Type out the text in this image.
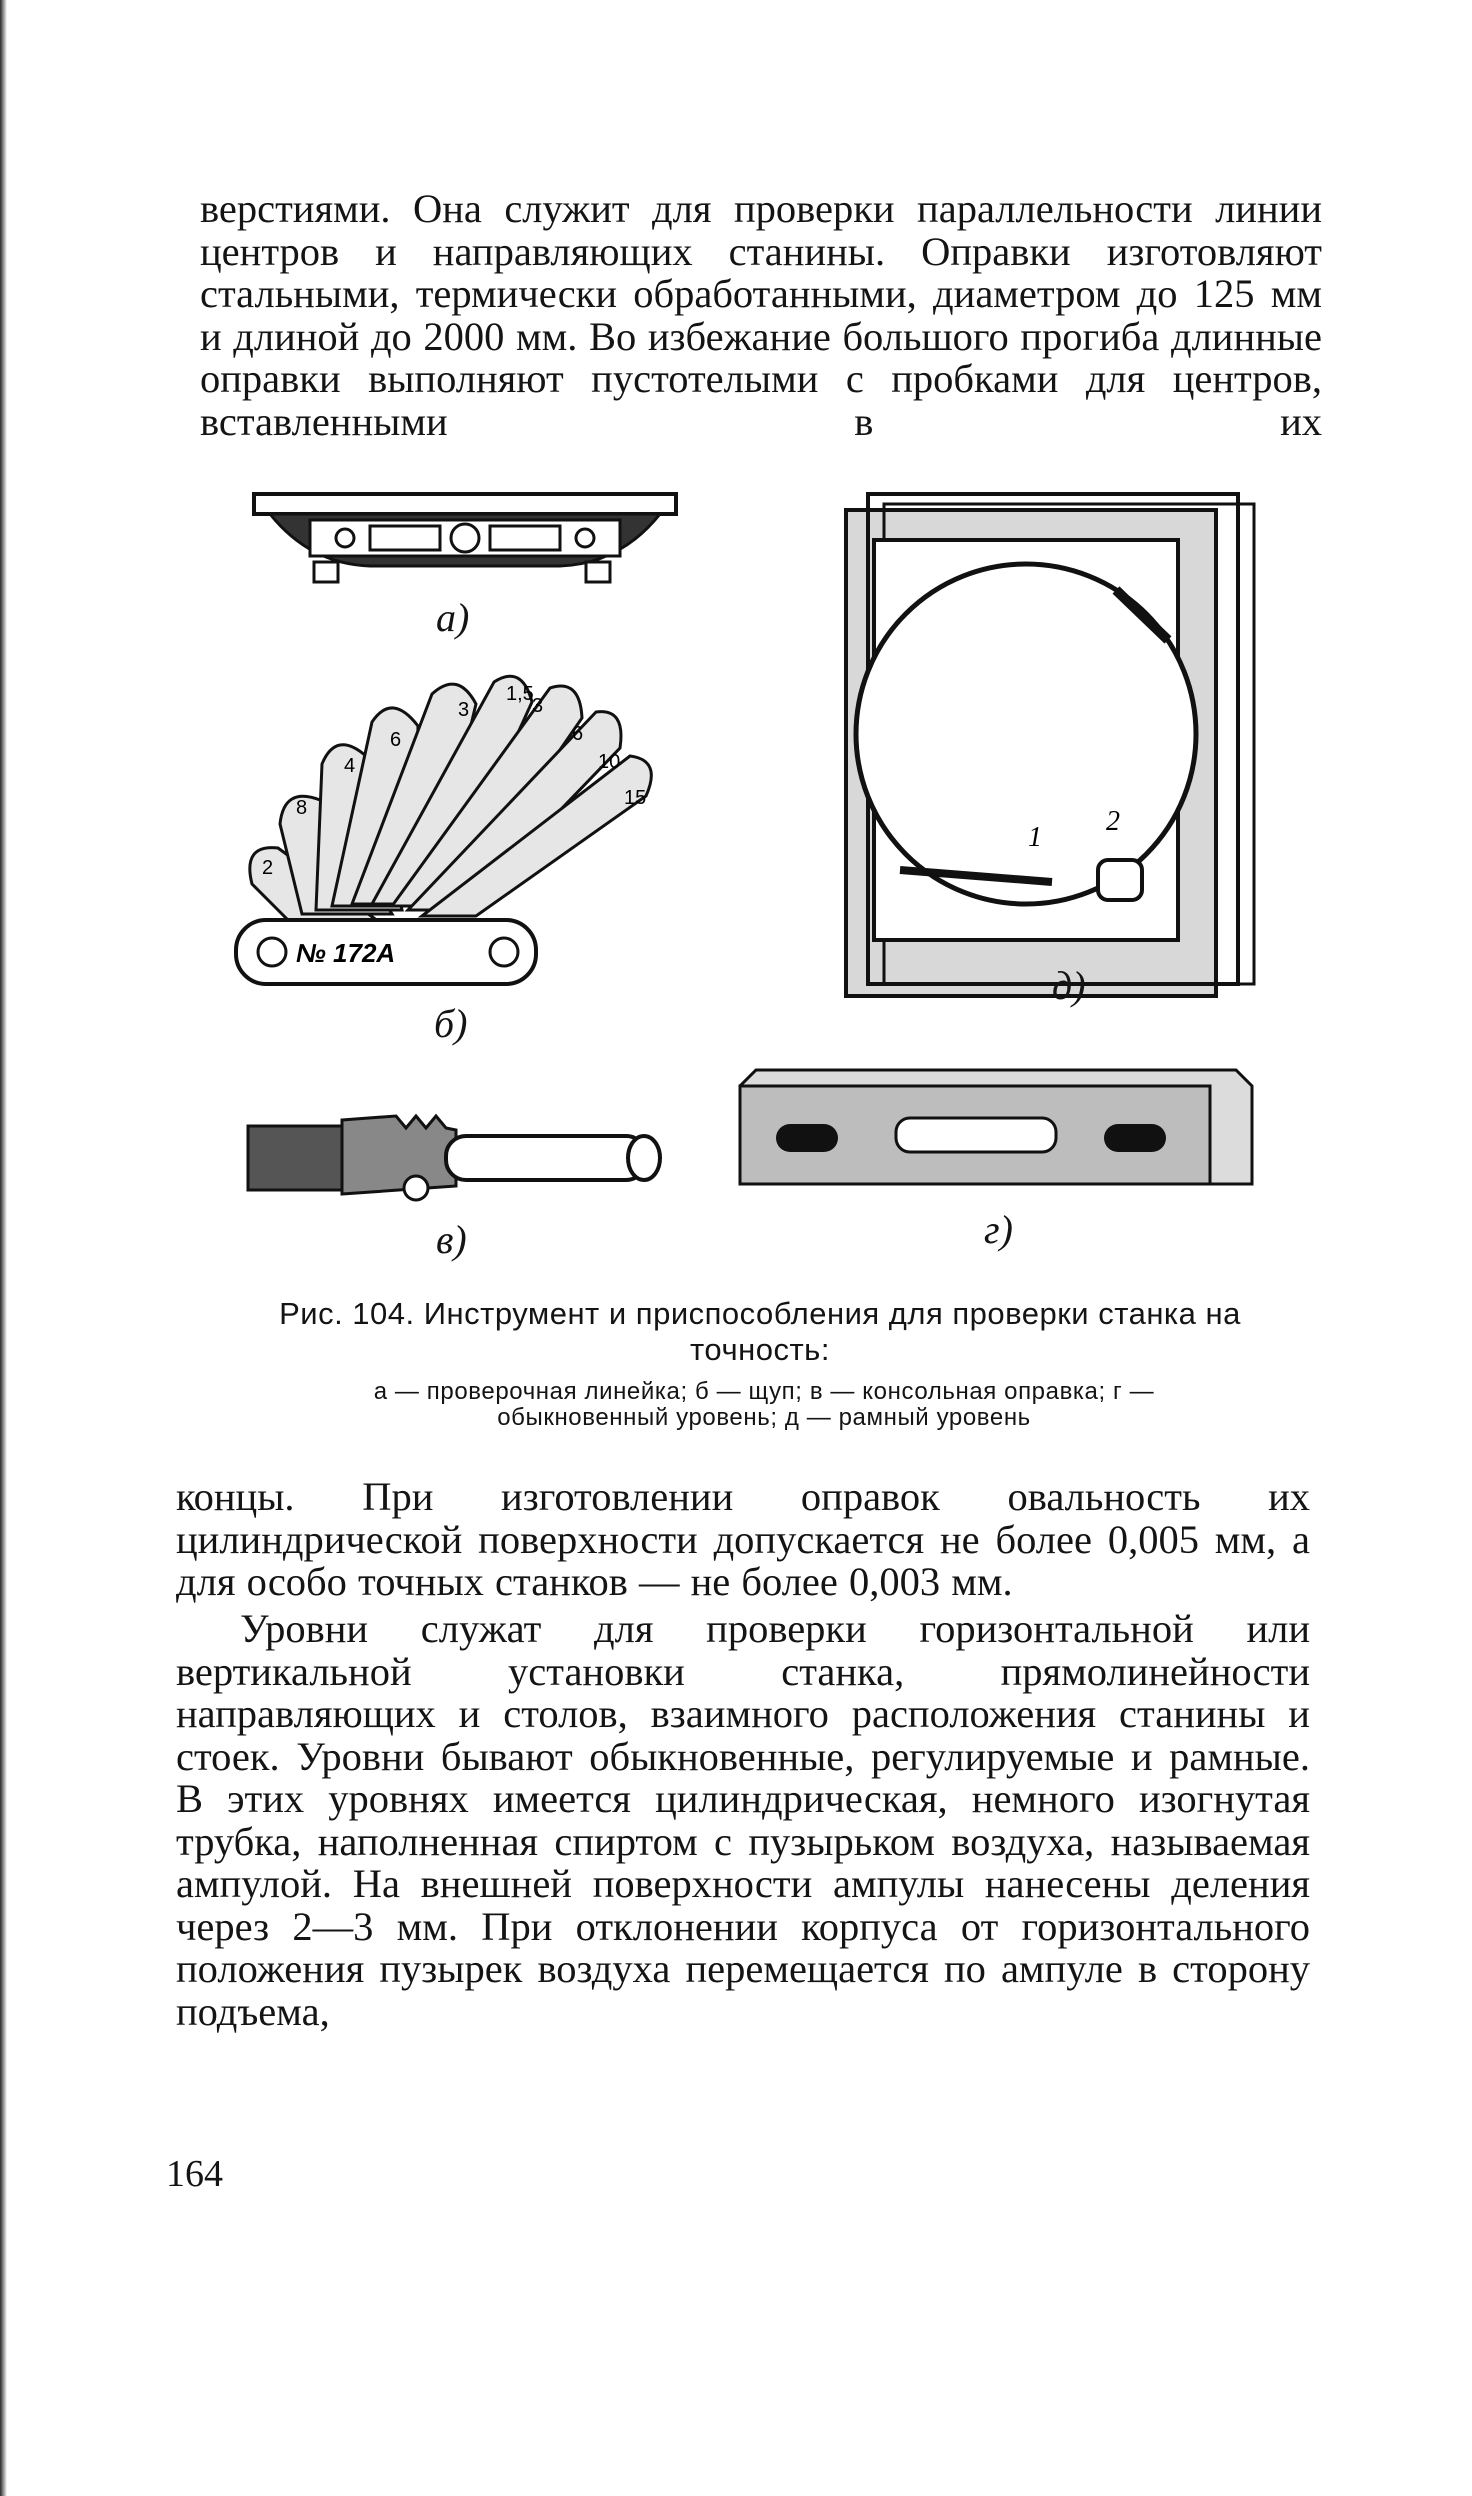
верстиями. Она служит для проверки параллельности линии центров и направляющих станины. Оправки изготовляют стальными, термически обработанными, диаметром до 125 мм и длиной до 2000 мм. Во избежание большого прогиба длинные оправки выполняют пустотелыми с пробками для центров, вставленными в их

а)
2
3
4
6
8
1,5
3
6
10
15
№ 172А
б)
в)
1
2
д)
г)

Рис. 104. Инструмент и приспособления для проверки станка на точность:

а — проверочная линейка; б — щуп; в — консольная оправка; г —

обыкновенный уровень; д — рамный уровень

концы. При изготовлении оправок овальность их цилиндрической поверхности допускается не более 0,005 мм, а для особо точных станков — не более 0,003 мм.

Уровни служат для проверки горизонтальной или вертикальной установки станка, прямолинейности направляющих и столов, взаимного расположения станины и стоек. Уровни бывают обыкновенные, регулируемые и рамные. В этих уровнях имеется цилиндрическая, немного изогнутая трубка, наполненная спиртом с пузырьком воздуха, называемая ампулой. На внешней поверхности ампулы нанесены деления через 2—3 мм. При отклонении корпуса от горизонтального положения пузырек воздуха перемещается по ампуле в сторону подъема,

164
